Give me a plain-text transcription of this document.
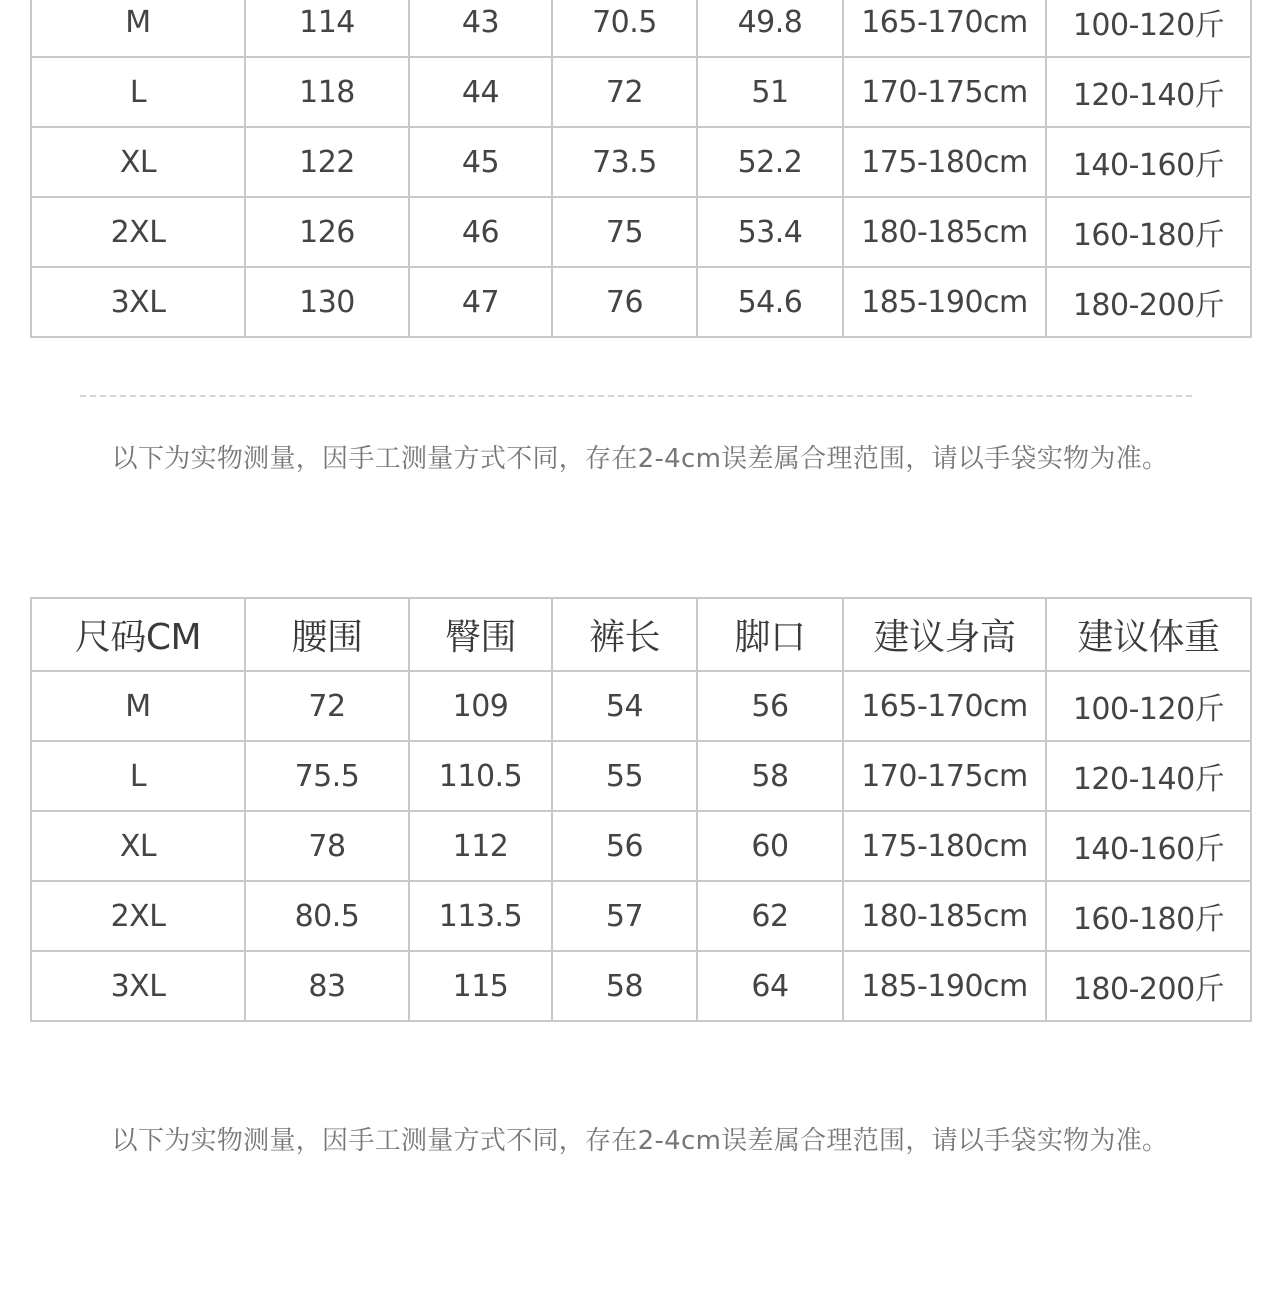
M	114	43	70.5	49.8	165-170cm	100-120斤
L	118	44	72	51	170-175cm	120-140斤
XL	122	45	73.5	52.2	175-180cm	140-160斤
2XL	126	46	75	53.4	180-185cm	160-180斤
3XL	130	47	76	54.6	185-190cm	180-200斤
以下为实物测量，因手工测量方式不同，存在2-4cm误差属合理范围，请以手袋实物为准。
尺码CM	腰围	臀围	裤长	脚口	建议身高	建议体重
M	72	109	54	56	165-170cm	100-120斤
L	75.5	110.5	55	58	170-175cm	120-140斤
XL	78	112	56	60	175-180cm	140-160斤
2XL	80.5	113.5	57	62	180-185cm	160-180斤
3XL	83	115	58	64	185-190cm	180-200斤
以下为实物测量，因手工测量方式不同，存在2-4cm误差属合理范围，请以手袋实物为准。
